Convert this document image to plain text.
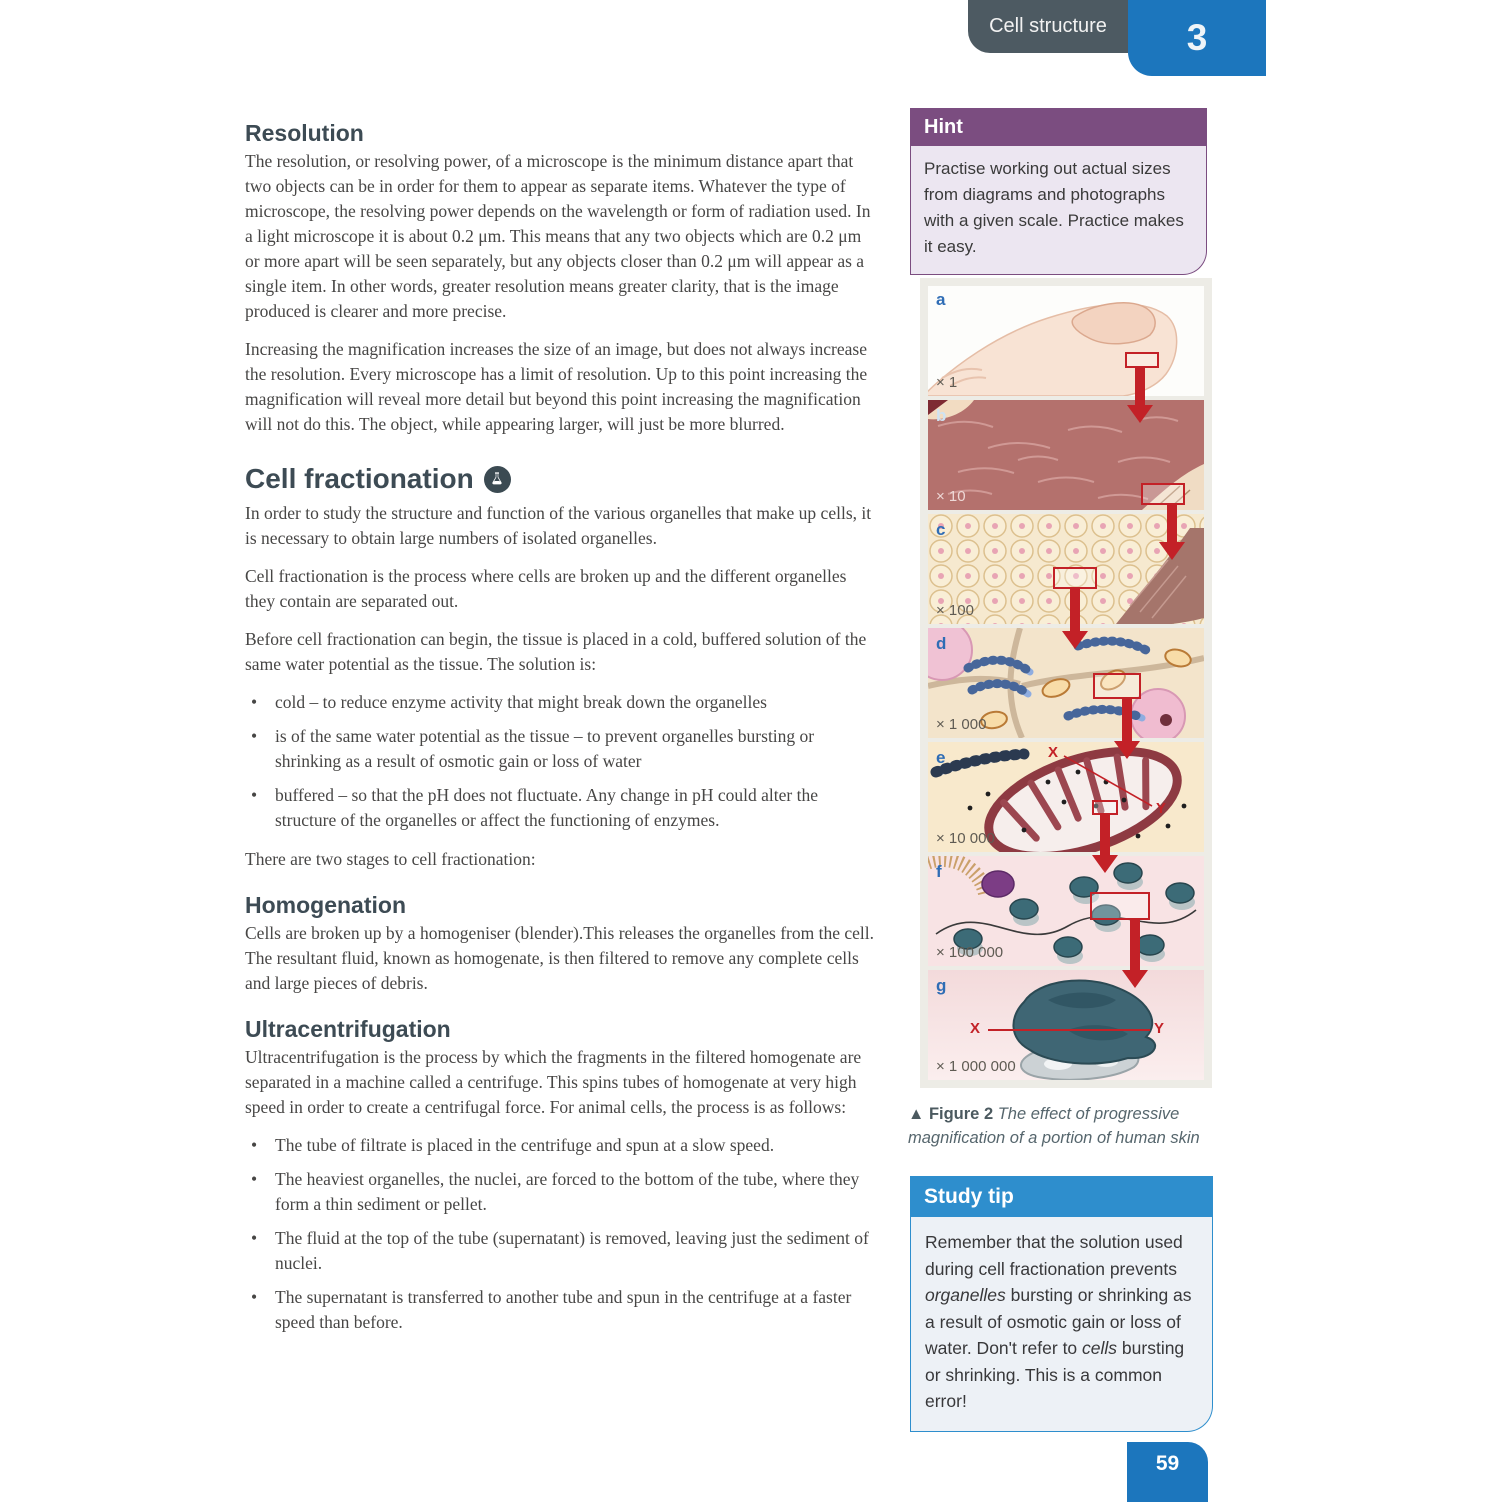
Cell structure 3
Resolution

The resolution, or resolving power, of a microscope is the minimum distance apart that two objects can be in order for them to appear as separate items. Whatever the type of microscope, the resolving power depends on the wavelength or form of radiation used. In a light microscope it is about 0.2 μm. This means that any two objects which are 0.2 μm or more apart will be seen separately, but any objects closer than 0.2 μm will appear as a single item. In other words, greater resolution means greater clarity, that is the image produced is clearer and more precise.

Increasing the magnification increases the size of an image, but does not always increase the resolution. Every microscope has a limit of resolution. Up to this point increasing the magnification will reveal more detail but beyond this point increasing the magnification will not do this. The object, while appearing larger, will just be more blurred.

Cell fractionation

In order to study the structure and function of the various organelles that make up cells, it is necessary to obtain large numbers of isolated organelles.

Cell fractionation is the process where cells are broken up and the different organelles they contain are separated out.

Before cell fractionation can begin, the tissue is placed in a cold, buffered solution of the same water potential as the tissue. The solution is:

• cold – to reduce enzyme activity that might break down the organelles
• is of the same water potential as the tissue – to prevent organelles bursting or shrinking as a result of osmotic gain or loss of water
• buffered – so that the pH does not fluctuate. Any change in pH could alter the structure of the organelles or affect the functioning of enzymes.

There are two stages to cell fractionation:

Homogenation

Cells are broken up by a homogeniser (blender).This releases the organelles from the cell. The resultant fluid, known as homogenate, is then filtered to remove any complete cells and large pieces of debris.

Ultracentrifugation

Ultracentrifugation is the process by which the fragments in the filtered homogenate are separated in a machine called a centrifuge. This spins tubes of homogenate at very high speed in order to create a centrifugal force. For animal cells, the process is as follows:

• The tube of filtrate is placed in the centrifuge and spun at a slow speed.
• The heaviest organelles, the nuclei, are forced to the bottom of the tube, where they form a thin sediment or pellet.
• The fluid at the top of the tube (supernatant) is removed, leaving just the sediment of nuclei.
• The supernatant is transferred to another tube and spun in the centrifuge at a faster speed than before.
Hint
Practise working out actual sizes from diagrams and photographs with a given scale. Practice makes it easy.
X
Y
X	Y
a
b
c
d
e
f
g
× 1
× 10
× 100
× 1 000
× 10 000
× 100 000
× 1 000 000
▲ Figure 2 The effect of progressive magnification of a portion of human skin
Study tip
Remember that the solution used during cell fractionation prevents organelles bursting or shrinking as a result of osmotic gain or loss of water. Don't refer to cells bursting or shrinking. This is a common error!
59
